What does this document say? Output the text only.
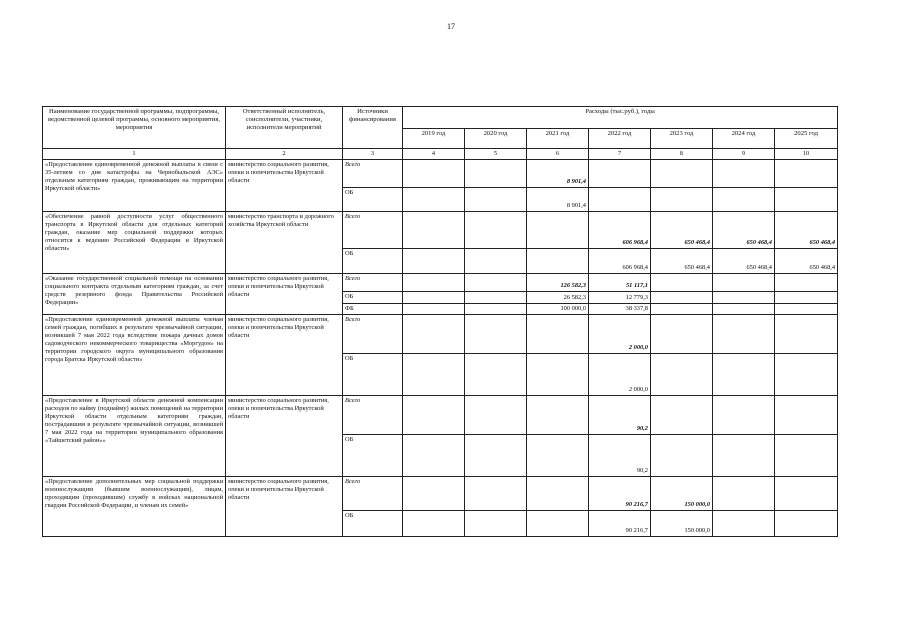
17
Наименование государственной программы, подпрограммы, ведомственной целевой программы, основного мероприятия, мероприятия	Ответственный исполнитель, соисполнители, участники, исполнители мероприятий	Источники финансирования	Расходы (тыс.руб.), годы						
			2019 год	2020 год	2021 год	2022 год	2023 год	2024 год	2025 год
1	2	3	4	5	6	7	8	9	10
«Предоставление единовременной денежной выплаты в связи с 35-летием со дня катастрофы на Чернобыльской АЭС» отдельным категориям граждан, проживающим на территории Иркутской области»	министерство социального развития, опеки и попечительства Иркутской области	Всего			8 901,4				
		ОБ			8 901,4				
«Обеспечение равной доступности услуг общественного транспорта в Иркутской области для отдельных категорий граждан, оказание мер социальной поддержки которых относится к ведению Российской Федерации и Иркутской области»	министерство транспорта и дорожного хозяйства Иркутской области	Всего				606 968,4	650 468,4	650 468,4	650 468,4
		ОБ				606 968,4	650 468,4	650 468,4	650 468,4
«Оказание государственной социальной помощи на основании социального контракта отдельным категориям граждан, за счет средств резервного фонда Правительства Российской Федерации»	министерство социального развития, опеки и попечительства Иркутской области	Всего			126 582,3	51 117,1			
		ОБ			26 582,3	12 779,3			
		ФБ			100 000,0	38 337,8			
«Предоставление единовременной денежной выплаты членам семей граждан, погибших в результате чрезвычайной ситуации, возникшей 7 мая 2022 года вследствие пожара дачных домов садоводческого некоммерческого товарищества «Моргудон» на территории городского округа муниципального образования города Братска Иркутской области»	министерство социального развития, опеки и попечительства Иркутской области	Всего				2 000,0			
		ОБ				2 000,0			
«Предоставление в Иркутской области денежной компенсации расходов по найму (поднайму) жилых помещений на территории Иркутской области отдельным категориям граждан, пострадавшим в результате чрезвычайной ситуации, возникшей 7 мая 2022 года на территории муниципального образования «Тайшетский район»»	министерство социального развития, опеки и попечительства Иркутской области	Всего				90,2			
		ОБ				90,2			
«Предоставление дополнительных мер социальной поддержки военнослужащим (бывшим военнослужащим), лицам, проходящим (проходившим) службу в войсках национальной гвардии Российской Федерации, и членам их семей»	министерство социального развития, опеки и попечительства Иркутской области	Всего				90 216,7	150 000,0		
		ОБ				90 216,7	150 000,0		
